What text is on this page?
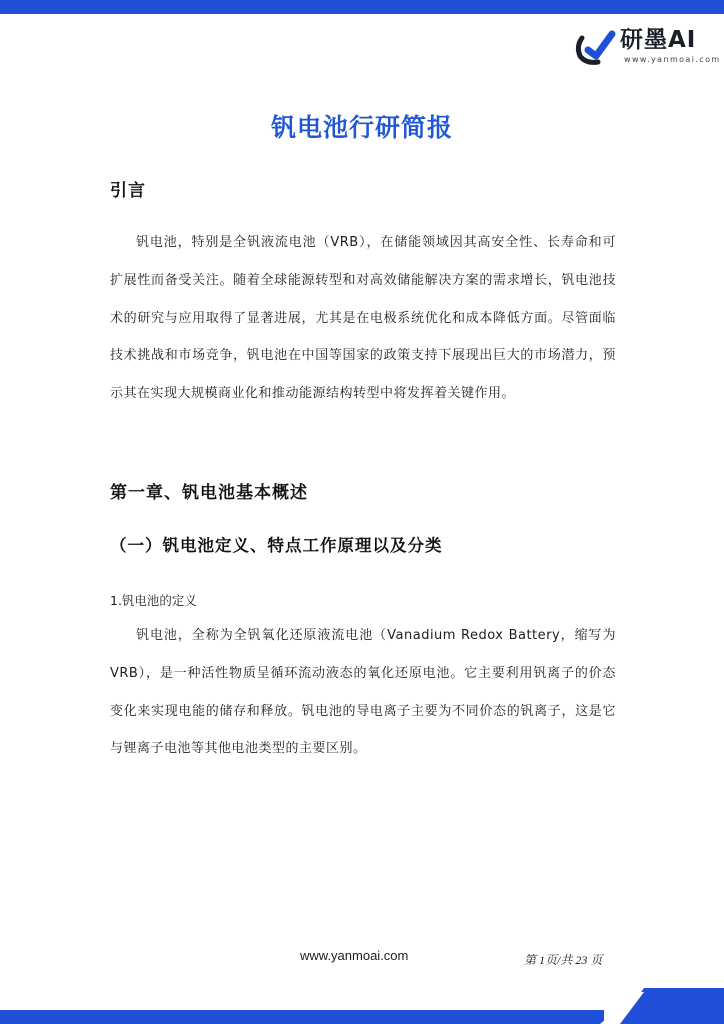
研墨AI
www.yanmoai.com
钒电池行研简报
引言
钒电池，特别是全钒液流电池（VRB），在储能领域因其高安全性、长寿命和可扩展性而备受关注。随着全球能源转型和对高效储能解决方案的需求增长，钒电池技术的研究与应用取得了显著进展，尤其是在电极系统优化和成本降低方面。尽管面临技术挑战和市场竞争，钒电池在中国等国家的政策支持下展现出巨大的市场潜力，预示其在实现大规模商业化和推动能源结构转型中将发挥着关键作用。
第一章、钒电池基本概述
（一）钒电池定义、特点工作原理以及分类
1.钒电池的定义
钒电池，全称为全钒氧化还原液流电池（Vanadium Redox Battery，缩写为VRB），是一种活性物质呈循环流动液态的氧化还原电池。它主要利用钒离子的价态变化来实现电能的储存和释放。钒电池的导电离子主要为不同价态的钒离子，这是它与锂离子电池等其他电池类型的主要区别。
www.yanmoai.com	第 1页/共 23 页
